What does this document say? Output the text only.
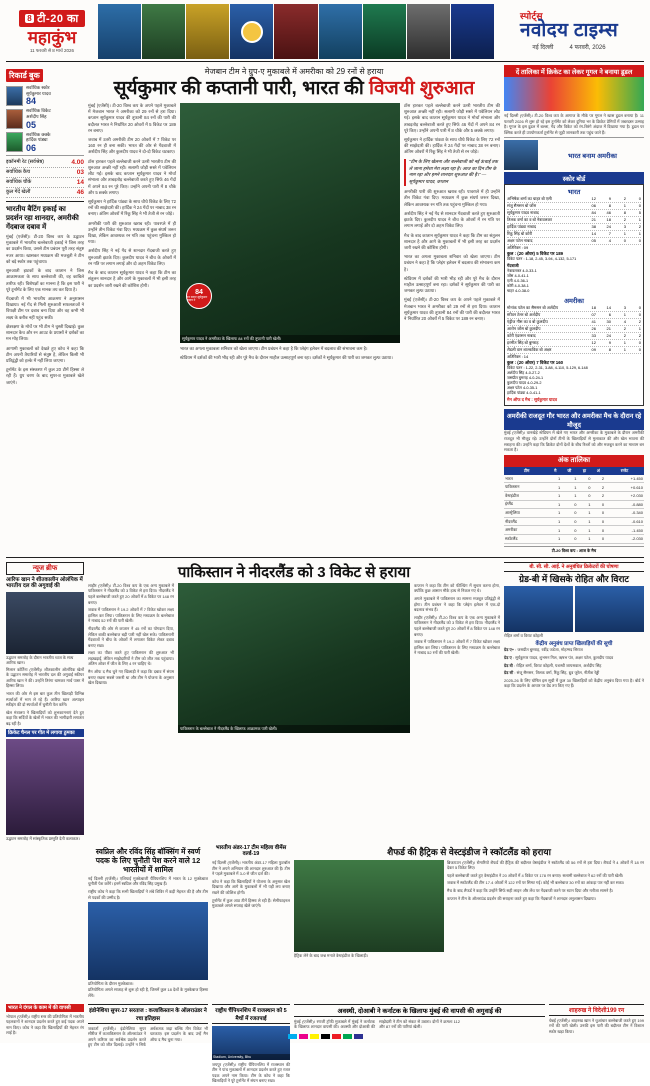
8 टी-20 का
महाकुंभ
11 फरवरी से 8 मार्च 2026
स्पोर्ट्स
नवोदय टाइम्स
नई दिल्ली	4 फरवरी, 2026
रिकार्ड बुक
सर्वाधिक स्कोर
सूर्यकुमार यादव
84
सर्वाधिक विकेट
अर्शदीप सिंह
05
सर्वाधिक छक्के
हार्दिक पांड्या
06
इकॉनमी रेट (सर्वश्रेष्ठ)	4.00
सर्वाधिक कैच	03
सर्वाधिक चौके	14
कुल गेंदें खेलीं	46
भारतीय बैटिंग इकाई का प्रदर्शन रहा शानदार, अमरीकी गेंदबाज दबाव में

मुंबई (एजेंसी)। टी-20 विश्व कप के उद्घाटन मुकाबले में भारतीय बल्लेबाजी इकाई ने जिस तरह का प्रदर्शन किया, उससे टीम प्रबंधन पूरी तरह संतुष्ट नजर आया। खासकर मध्यक्रम की मजबूती ने टीम को बड़े स्कोर तक पहुंचाया।

शुरुआती झटकों के बाद कप्तान ने जिस आक्रामकता के साथ बल्लेबाजी की, वह काबिले तारीफ रही। विशेषज्ञों का मानना है कि इस पारी ने पूरे टूर्नामेंट के लिए एक मानक तय कर दिया है।

गेंदबाजी में भी भारतीय आक्रमण ने अनुशासन दिखाया। नई गेंद से मिली शुरुआती सफलताओं ने विपक्षी टीम पर दबाव बना दिया और वह कभी भी लक्ष्य के करीब नहीं पहुंच सकी।

क्षेत्ररक्षण के मोर्चे पर भी टीम ने चुस्ती दिखाई। कुछ शानदार कैच और रन आउट के प्रयासों ने दर्शकों का मन मोह लिया।

आगामी मुकाबलों को देखते हुए कोच ने कहा कि टीम अपनी तैयारियों से संतुष्ट है, लेकिन किसी भी प्रतिद्वंद्वी को हल्के में नहीं लिया जाएगा।

टूर्नामेंट के इस संस्करण में कुल 20 टीमें हिस्सा ले रही हैं। ग्रुप चरण के बाद सुपर-8 मुकाबले खेले जाएंगे।

मेजबान टीम ने ग्रुप-ए मुकाबले में अमरीका को 29 रनों से हराया
सूर्यकुमार की कप्तानी पारी, भारत की विजयी शुरुआत

मुंबई (एजेंसी)। टी-20 विश्व कप के अपने पहले मुकाबले में मेजबान भारत ने अमरीका को 29 रनों से हरा दिया। कप्तान सूर्यकुमार यादव की तूफानी 84 रनों की पारी की बदौलत भारत ने निर्धारित 20 ओवरों में 5 विकेट पर 189 रन बनाए।

जवाब में उतरी अमरीकी टीम 20 ओवरों में 7 विकेट पर 160 रन ही बना सकी। भारत की ओर से गेंदबाजी में अर्शदीप सिंह और कुलदीप यादव ने दो-दो विकेट चटकाए।

टॉस हारकर पहले बल्लेबाजी करने उतरी भारतीय टीम की शुरुआत अच्छी नहीं रही। सलामी जोड़ी सस्ते में पवेलियन लौट गई। इसके बाद कप्तान सूर्यकुमार यादव ने मोर्चा संभाला और ताबड़तोड़ बल्लेबाजी करते हुए सिर्फ 46 गेंदों में अपने 84 रन पूरे किए। उन्होंने अपनी पारी में 8 चौके और 5 छक्के लगाए।

सूर्यकुमार ने हार्दिक पांड्या के साथ चौथे विकेट के लिए 72 रनों की साझेदारी की। हार्दिक ने 24 गेंदों पर नाबाद 38 रन बनाए। अंतिम ओवरों में रिंकू सिंह ने भी तेजी से रन जोड़े।

अमरीकी पारी की शुरुआत खराब रही। पावरप्ले में ही उन्होंने तीन विकेट गंवा दिए। मध्यक्रम में कुछ संघर्ष जरूर दिखा, लेकिन आवश्यक रन गति तक पहुंचना मुश्किल हो गया।

अर्शदीप सिंह ने नई गेंद से शानदार गेंदबाजी करते हुए शुरुआती झटके दिए। कुलदीप यादव ने बीच के ओवरों में रन गति पर लगाम लगाई और दो अहम विकेट लिए।

मैच के बाद कप्तान सूर्यकुमार यादव ने कहा कि टीम का संतुलन शानदार है और आगे के मुकाबलों में भी इसी तरह का प्रदर्शन जारी रखने की कोशिश होगी।

84
रन बनाए सूर्यकुमार यादव ने
सूर्यकुमार यादव ने अमरीका के खिलाफ 84 रनों की तूफानी पारी खेली।

भारत का अगला मुकाबला शनिवार को खेला जाएगा। टीम प्रबंधन ने कहा है कि प्लेइंग इलेवन में बदलाव की संभावना कम है।

स्टेडियम में दर्शकों की भारी भीड़ रही और पूरे मैच के दौरान माहौल उत्साहपूर्ण बना रहा। दर्शकों ने सूर्यकुमार की पारी का जमकर लुत्फ उठाया।

टॉस हारकर पहले बल्लेबाजी करने उतरी भारतीय टीम की शुरुआत अच्छी नहीं रही। सलामी जोड़ी सस्ते में पवेलियन लौट गई। इसके बाद कप्तान सूर्यकुमार यादव ने मोर्चा संभाला और ताबड़तोड़ बल्लेबाजी करते हुए सिर्फ 46 गेंदों में अपने 84 रन पूरे किए। उन्होंने अपनी पारी में 8 चौके और 5 छक्के लगाए।

सूर्यकुमार ने हार्दिक पांड्या के साथ चौथे विकेट के लिए 72 रनों की साझेदारी की। हार्दिक ने 24 गेंदों पर नाबाद 38 रन बनाए। अंतिम ओवरों में रिंकू सिंह ने भी तेजी से रन जोड़े।

"टीम के लिए खेलना और बल्लेबाजी को नई ऊंचाई तक ले जाना हमेशा मेरा लक्ष्य रहा है। आज का दिन टीम के नाम रहा और हमने शानदार शुरुआत की है।" — सूर्यकुमार यादव, कप्तान

अमरीकी पारी की शुरुआत खराब रही। पावरप्ले में ही उन्होंने तीन विकेट गंवा दिए। मध्यक्रम में कुछ संघर्ष जरूर दिखा, लेकिन आवश्यक रन गति तक पहुंचना मुश्किल हो गया।

अर्शदीप सिंह ने नई गेंद से शानदार गेंदबाजी करते हुए शुरुआती झटके दिए। कुलदीप यादव ने बीच के ओवरों में रन गति पर लगाम लगाई और दो अहम विकेट लिए।

मैच के बाद कप्तान सूर्यकुमार यादव ने कहा कि टीम का संतुलन शानदार है और आगे के मुकाबलों में भी इसी तरह का प्रदर्शन जारी रखने की कोशिश होगी।

भारत का अगला मुकाबला शनिवार को खेला जाएगा। टीम प्रबंधन ने कहा है कि प्लेइंग इलेवन में बदलाव की संभावना कम है।

स्टेडियम में दर्शकों की भारी भीड़ रही और पूरे मैच के दौरान माहौल उत्साहपूर्ण बना रहा। दर्शकों ने सूर्यकुमार की पारी का जमकर लुत्फ उठाया।

मुंबई (एजेंसी)। टी-20 विश्व कप के अपने पहले मुकाबले में मेजबान भारत ने अमरीका को 29 रनों से हरा दिया। कप्तान सूर्यकुमार यादव की तूफानी 84 रनों की पारी की बदौलत भारत ने निर्धारित 20 ओवरों में 5 विकेट पर 189 रन बनाए।

दें तालिका में क्रिकेट का लेकर गूगल ने बनाया डूडल

नई दिल्ली (एजेंसी)। टी-20 विश्व कप के आगाज के मौके पर गूगल ने खास डूडल बनाया है। 11 फरवरी 2026 से शुरू हो रहे इस टूर्नामेंट को लेकर दुनिया भर के क्रिकेट प्रेमियों में जबरदस्त उत्साह है। गूगल के इस डूडल में बल्ला, गेंद और विकेट को रंग-बिरंगे अंदाज में दिखाया गया है। डूडल पर क्लिक करते ही उपयोगकर्ता टूर्नामेंट से जुड़ी जानकारी तक पहुंच जाते हैं।

भारत बनाम अमरीका
स्कोर बोर्ड
भारत
अभिषेक शर्मा का चाहर बो एली	12	9	2	0
संजू सैमसन बो जोंस	06	8	1	0
सूर्यकुमार यादव नाबाद	84	46	8	5
तिलक वर्मा का व बो नेत्रावलकर	21	18	2	1
हार्दिक पांड्या नाबाद	38	24	3	2
रिंकू सिंह बो कोरी	14	7	1	1
अक्षर पटेल नाबाद	05	4	0	0
अतिरिक्त : 09
कुल : (20 ओवर) 5 विकेट पर 189
विकेट पतन : 1-18, 2-45, 3-94, 4-132, 5-171
गेंदबाजी
नेत्रावलकर 4-0-33-1
जोंस 4-0-41-1
एली 4-0-36-1
कोरी 4-0-38-1
चाहर 4-0-38-0
अमरीका
मोनांक पटेल का सैमसन बो अर्शदीप	18	14	3	0
स्टीवन टेलर बो अर्शदीप	07	6	1	0
एंड्रीज गौस का व बो कुलदीप	41	30	4	2
आरोन जोंस बो कुलदीप	26	21	2	1
कोरी एंडरसन नाबाद	33	24	2	2
हरमीत सिंह बो बुमराह	12	9	1	0
शैडली वान शाल्कविक बो अक्षर	09	8	1	0
अतिरिक्त : 14
कुल : (20 ओवर) 7 विकेट पर 160
विकेट पतन : 1-22, 2-31, 3-88, 4-110, 5-129, 6-148
अर्शदीप सिंह 4-0-27-2
जसप्रीत बुमराह 4-0-24-1
कुलदीप यादव 4-0-29-2
अक्षर पटेल 4-0-35-1
हार्दिक पांड्या 4-0-41-1
मैन ऑफ द मैच : सूर्यकुमार यादव
अमरीकी राजदूत गौर भारत और अमरीका मैच के दौरान रहे मौजूद

मुंबई (एजेंसी)। वानखेड़े स्टेडियम में खेले गए भारत और अमरीका के मुकाबले के दौरान अमरीकी राजदूत भी मौजूद रहे। उन्होंने दोनों टीमों के खिलाड़ियों से मुलाकात की और खेल भावना की सराहना की। उन्होंने कहा कि क्रिकेट दोनों देशों के बीच रिश्तों को और मजबूत करने का माध्यम बन सकता है।

अंक तालिका
टीम	मै	जी	हा	अं	रनरेट
भारत	1	1	0	2	+1.450
पाकिस्तान	1	1	0	2	+0.610
वेस्टइंडीज	1	1	0	2	+2.030
इंग्लैंड	1	0	1	0	-0.880
आस्ट्रेलिया	1	0	1	0	-0.340
नीदरलैंड	1	0	1	0	-0.610
अमरीका	1	0	1	0	-1.450
स्कॉटलैंड	1	0	1	0	-2.030
टी-20 विश्व कप : आज के मैच
न्यूज ब्रीफ
आरिफ खान ने शीतकालीन ओलंपिक में भारतीय दल की अगुवाई की
उद्घाटन समारोह के दौरान भारतीय ध्वज के साथ आरिफ खान।

मिलान कोर्टिना (एजेंसी)। शीतकालीन ओलंपिक खेलों के उद्घाटन समारोह में भारतीय दल की अगुवाई स्कीयर आरिफ खान ने की। उन्होंने तिरंगा थामकर मार्च पास्ट में हिस्सा लिया।

भारत की ओर से इस बार कुल तीन खिलाड़ी विभिन्न स्पर्धाओं में भाग ले रहे हैं। आरिफ खान अल्पाइन स्कीइंग की दो स्पर्धाओं में चुनौती पेश करेंगे।

खेल मंत्रालय ने खिलाड़ियों को शुभकामनाएं देते हुए कहा कि सर्दियों के खेलों में भारत की भागीदारी लगातार बढ़ रही है।

क्रिकेट चैनल पर गीत में लगाया ठुमका
उद्घाटन समारोह में सांस्कृतिक प्रस्तुति देती कलाकार।
पाकिस्तान ने नीदरलैंड को 3 विकेट से हराया

लाहौर (एजेंसी)। टी-20 विश्व कप के एक अन्य मुकाबले में पाकिस्तान ने नीदरलैंड को 3 विकेट से हरा दिया। नीदरलैंड ने पहले बल्लेबाजी करते हुए 20 ओवरों में 8 विकेट पर 148 रन बनाए।

जवाब में पाकिस्तान ने 19.2 ओवरों में 7 विकेट खोकर लक्ष्य हासिल कर लिया। पाकिस्तान के लिए मध्यक्रम के बल्लेबाज ने नाबाद 52 रनों की पारी खेली।

नीदरलैंड की ओर से कप्तान ने 45 रनों का योगदान दिया, लेकिन बाकी बल्लेबाज बड़ी पारी नहीं खेल सके। पाकिस्तानी गेंदबाजों ने बीच के ओवरों में लगातार विकेट लेकर दबाव बनाए रखा।

लक्ष्य का पीछा करते हुए पाकिस्तान की शुरुआत भी लड़खड़ाई, लेकिन साझेदारियों ने टीम को जीत तक पहुंचाया। अंतिम ओवर में जीत के लिए 4 रन चाहिए थे।

मैन ऑफ द मैच चुने गए खिलाड़ी ने कहा कि दबाव में संयम बनाए रखना सबसे जरूरी था और टीम ने योजना के अनुसार खेल दिखाया।

पाकिस्तान के बल्लेबाज ने नीदरलैंड के खिलाफ आक्रामक पारी खेली।

कप्तान ने कहा कि टीम को फील्डिंग में सुधार करना होगा, क्योंकि कुछ आसान मौके हाथ से निकल गए थे।

अगले मुकाबले में पाकिस्तान का सामना मजबूत प्रतिद्वंद्वी से होगा। टीम प्रबंधन ने कहा कि प्लेइंग इलेवन में एक-दो बदलाव संभव हैं।

लाहौर (एजेंसी)। टी-20 विश्व कप के एक अन्य मुकाबले में पाकिस्तान ने नीदरलैंड को 3 विकेट से हरा दिया। नीदरलैंड ने पहले बल्लेबाजी करते हुए 20 ओवरों में 8 विकेट पर 148 रन बनाए।

जवाब में पाकिस्तान ने 19.2 ओवरों में 7 विकेट खोकर लक्ष्य हासिल कर लिया। पाकिस्तान के लिए मध्यक्रम के बल्लेबाज ने नाबाद 52 रनों की पारी खेली।

बी. सी. सी. आई. ने अनुबंधित क्रिकेटरों की घोषणा
ग्रेड-बी में खिसके रोहित और विराट
रोहित शर्मा व विराट कोहली
केंद्रीय अनुबंध प्राप्त खिलाड़ियों की सूची

ग्रेड ए+ : जसप्रीत बुमराह, रवींद्र जडेजा, मोहम्मद सिराज

ग्रेड ए : सूर्यकुमार यादव, शुभमन गिल, ऋषभ पंत, अक्षर पटेल, कुलदीप यादव

ग्रेड बी : रोहित शर्मा, विराट कोहली, यशस्वी जायसवाल, अर्शदीप सिंह

ग्रेड सी : संजू सैमसन, तिलक वर्मा, रिंकू सिंह, ध्रुव जुरेल, नीतीश रेड्डी

2025-26 के लिए घोषित इस सूची में कुल 30 खिलाड़ियों को केंद्रीय अनुबंध दिया गया है। बोर्ड ने कहा कि प्रदर्शन के आधार पर ग्रेड तय किए गए हैं।

स्वप्निल और रविंद सिंह बॉक्सिंग में स्वर्ण पदक के लिए चुनौती पेश करने वाले 12 भारतीयों में शामिल

नई दिल्ली (एजेंसी)। एशियाई मुक्केबाजी चैंपियनशिप में भारत के 12 मुक्केबाज चुनौती पेश करेंगे। इनमें स्वप्निल और रविंद सिंह प्रमुख हैं।

राष्ट्रीय कोच ने कहा कि सभी खिलाड़ियों ने लंबे शिविर में कड़ी मेहनत की है और टीम से पदकों की उम्मीद है।

प्रतियोगिता के दौरान मुक्केबाज।

प्रतियोगिता अगले सप्ताह से शुरू हो रही है, जिसमें कुल 18 देशों के मुक्केबाज हिस्सा लेंगे।

भारतीय अंडर-17 टीम महिला वीमेंस वर्ल्ड-19

नई दिल्ली (एजेंसी)। भारतीय अंडर-17 महिला फुटबॉल टीम ने अपने अभियान की शानदार शुरुआत की है। टीम ने पहले मुकाबले में 3-0 से जीत दर्ज की।

कोच ने कहा कि खिलाड़ियों ने योजना के अनुसार खेल दिखाया और आगे के मुकाबलों में भी यही लय बनाए रखने की कोशिश होगी।

टूर्नामेंट में कुल आठ टीमें हिस्सा ले रही हैं। सेमीफाइनल मुकाबले अगले सप्ताह खेले जाएंगे।

शैफर्ड की हैट्रिक से वेस्टइंडीज ने स्कॉटलैंड को हराया

ब्रिजटाउन (एजेंसी)। रोमारियो शैफर्ड की हैट्रिक की बदौलत वेस्टइंडीज ने स्कॉटलैंड को 56 रनों से हरा दिया। शैफर्ड ने 4 ओवरों में 18 रन देकर 5 विकेट लिए।

पहले बल्लेबाजी करते हुए वेस्टइंडीज ने 20 ओवरों में 4 विकेट पर 178 रन बनाए। सलामी बल्लेबाज ने 62 रनों की पारी खेली।

जवाब में स्कॉटलैंड की टीम 17.4 ओवरों में 122 रनों पर सिमट गई। कोई भी बल्लेबाज 30 रनों का आंकड़ा पार नहीं कर सका।

मैच के बाद शैफर्ड ने कहा कि उन्होंने सिर्फ सही लाइन और लेंथ पर गेंदबाजी करने पर ध्यान दिया और नतीजा सामने है।

कप्तान ने टीम के ऑलराउंड प्रदर्शन की सराहना करते हुए कहा कि गेंदबाजों ने शानदार अनुशासन दिखाया।

हैट्रिक लेने के बाद जश्न मनाते वेस्टइंडीज के खिलाड़ी।
भारत ने दंगल के काम में की वापसी

भोपाल (एजेंसी)। राष्ट्रीय स्तर की प्रतियोगिता में भारतीय पहलवानों ने शानदार प्रदर्शन करते हुए कई पदक अपने नाम किए। कोच ने कहा कि खिलाड़ियों की मेहनत रंग लाई है।

इंडोनेशिया सुपर-17 सरताज : कजाकिस्तान के ऑलराउंडर ने रचा इतिहास

जकार्ता (एजेंसी)। इंडोनेशिया सुपर सीरीज में कजाकिस्तान के ऑलराउंडर ने अपने करियर का सर्वश्रेष्ठ प्रदर्शन करते हुए टीम को जीत दिलाई। उन्होंने न सिर्फ अर्धशतक जड़ा बल्कि तीन विकेट भी चटकाए। इस प्रदर्शन के बाद उन्हें मैन ऑफ द मैच चुना गया।

राष्ट्रीय चैंपियनशिप में राजस्थान को 5 मैचों में रजतपाई
Stadium, University, Bhu

जयपुर (एजेंसी)। राष्ट्रीय चैंपियनशिप में राजस्थान की टीम ने पांच मुकाबलों में शानदार प्रदर्शन करते हुए रजत पदक अपने नाम किया। टीम के कोच ने कहा कि खिलाड़ियों ने पूरे टूर्नामेंट में संयम बनाए रखा।

अवस्थी, दोआबी ने कर्नाटक के खिलाफ मुंबई की वापसी की अगुवाई की

मुंबई (एजेंसी)। रणजी ट्रॉफी मुकाबले में मुंबई ने कर्नाटक के खिलाफ शानदार वापसी की। अवस्थी और दोआबी की साझेदारी ने टीम को संकट से उबारा। दोनों ने क्रमशः 112 और 87 रनों की पारियां खेलीं।

शाहरुख ने विदेशी199 रन

चेन्नई (एजेंसी)। शाहरुख खान ने धुआंधार बल्लेबाजी करते हुए 199 रनों की पारी खेली। उनकी इस पारी की बदौलत टीम ने विशाल स्कोर खड़ा किया।
